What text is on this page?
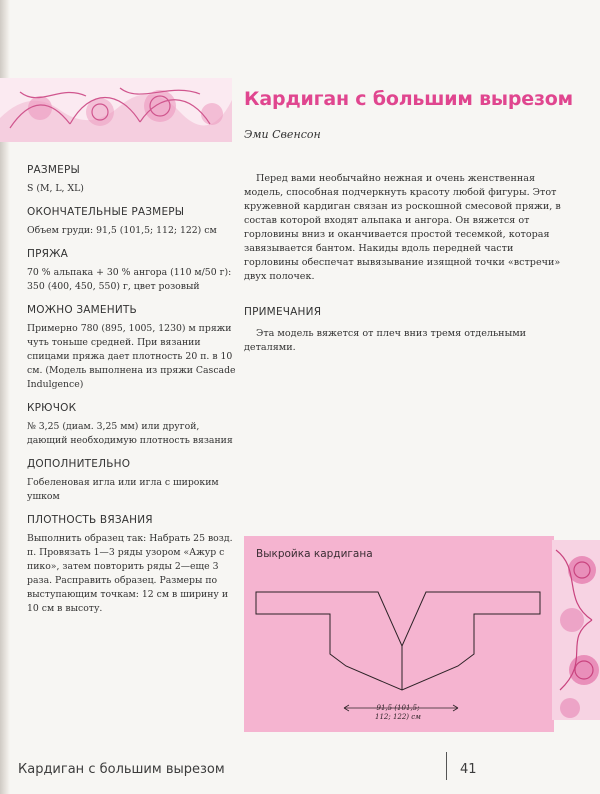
Кардиган с большим вырезом
Эми Свенсон

Перед вами необычайно нежная и очень женственная модель, способная подчеркнуть красоту любой фигуры. Этот кружевной кардиган связан из роскошной смесовой пряжи, в состав которой входят альпака и ангора. Он вяжется от горловины вниз и оканчивается простой тесемкой, которая завязывается бантом. Накиды вдоль передней части горловины обеспечат вывязывание изящной точки «встречи» двух полочек.

ПРИМЕЧАНИЯ

Эта модель вяжется от плеч вниз тремя отдельными деталями.

РАЗМЕРЫ

S (M, L, XL)

ОКОНЧАТЕЛЬНЫЕ РАЗМЕРЫ

Объем груди: 91,5 (101,5; 112; 122) см

ПРЯЖА

70 % альпака + 30 % ангора (110 м/50 г): 350 (400, 450, 550) г, цвет розовый

МОЖНО ЗАМЕНИТЬ

Примерно 780 (895, 1005, 1230) м пряжи чуть тоньше средней. При вязании спицами пряжа дает плотность 20 п. в 10 см. (Модель выполнена из пряжи Cascade Indulgence)

КРЮЧОК

№ 3,25 (диам. 3,25 мм) или другой, дающий необходимую плотность вязания

ДОПОЛНИТЕЛЬНО

Гобеленовая игла или игла с широким ушком

ПЛОТНОСТЬ ВЯЗАНИЯ

Выполнить образец так: Набрать 25 возд. п. Провязать 1—3 ряды узором «Ажур с пико», затем повторить ряды 2—еще 3 раза. Расправить образец. Размеры по выступающим точкам: 12 см в ширину и 10 см в высоту.

Выкройка кардигана
91,5 (101,5;
112; 122) см
Кардиган с большим вырезом	41
